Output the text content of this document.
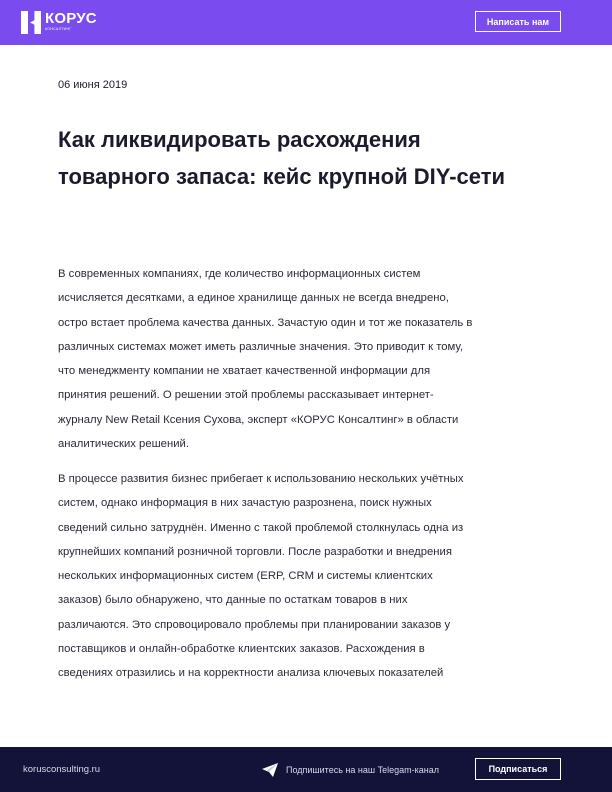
КОРУС
КОНСАЛТИНГ
Написать нам
06 июня 2019
Как ликвидировать расхождения товарного запаса: кейс крупной DIY-сети

В современных компаниях, где количество информационных систем
исчисляется десятками, а единое хранилище данных не всегда внедрено,
остро встает проблема качества данных. Зачастую один и тот же показатель в
различных системах может иметь различные значения. Это приводит к тому,
что менеджменту компании не хватает качественной информации для
принятия решений. О решении этой проблемы рассказывает интернет-
журналу New Retail Ксения Сухова, эксперт «КОРУС Консалтинг» в области
аналитических решений.

В процессе развития бизнес прибегает к использованию нескольких учётных
систем, однако информация в них зачастую разрознена, поиск нужных
сведений сильно затруднён. Именно с такой проблемой столкнулась одна из
крупнейших компаний розничной торговли. После разработки и внедрения
нескольких информационных систем (ERP, CRM и системы клиентских
заказов) было обнаружено, что данные по остаткам товаров в них
различаются. Это спровоцировало проблемы при планировании заказов у
поставщиков и онлайн-обработке клиентских заказов. Расхождения в
сведениях отразились и на корректности анализа ключевых показателей

korusconsulting.ru	Подпишитесь на наш Telegam-канал	Подписаться
